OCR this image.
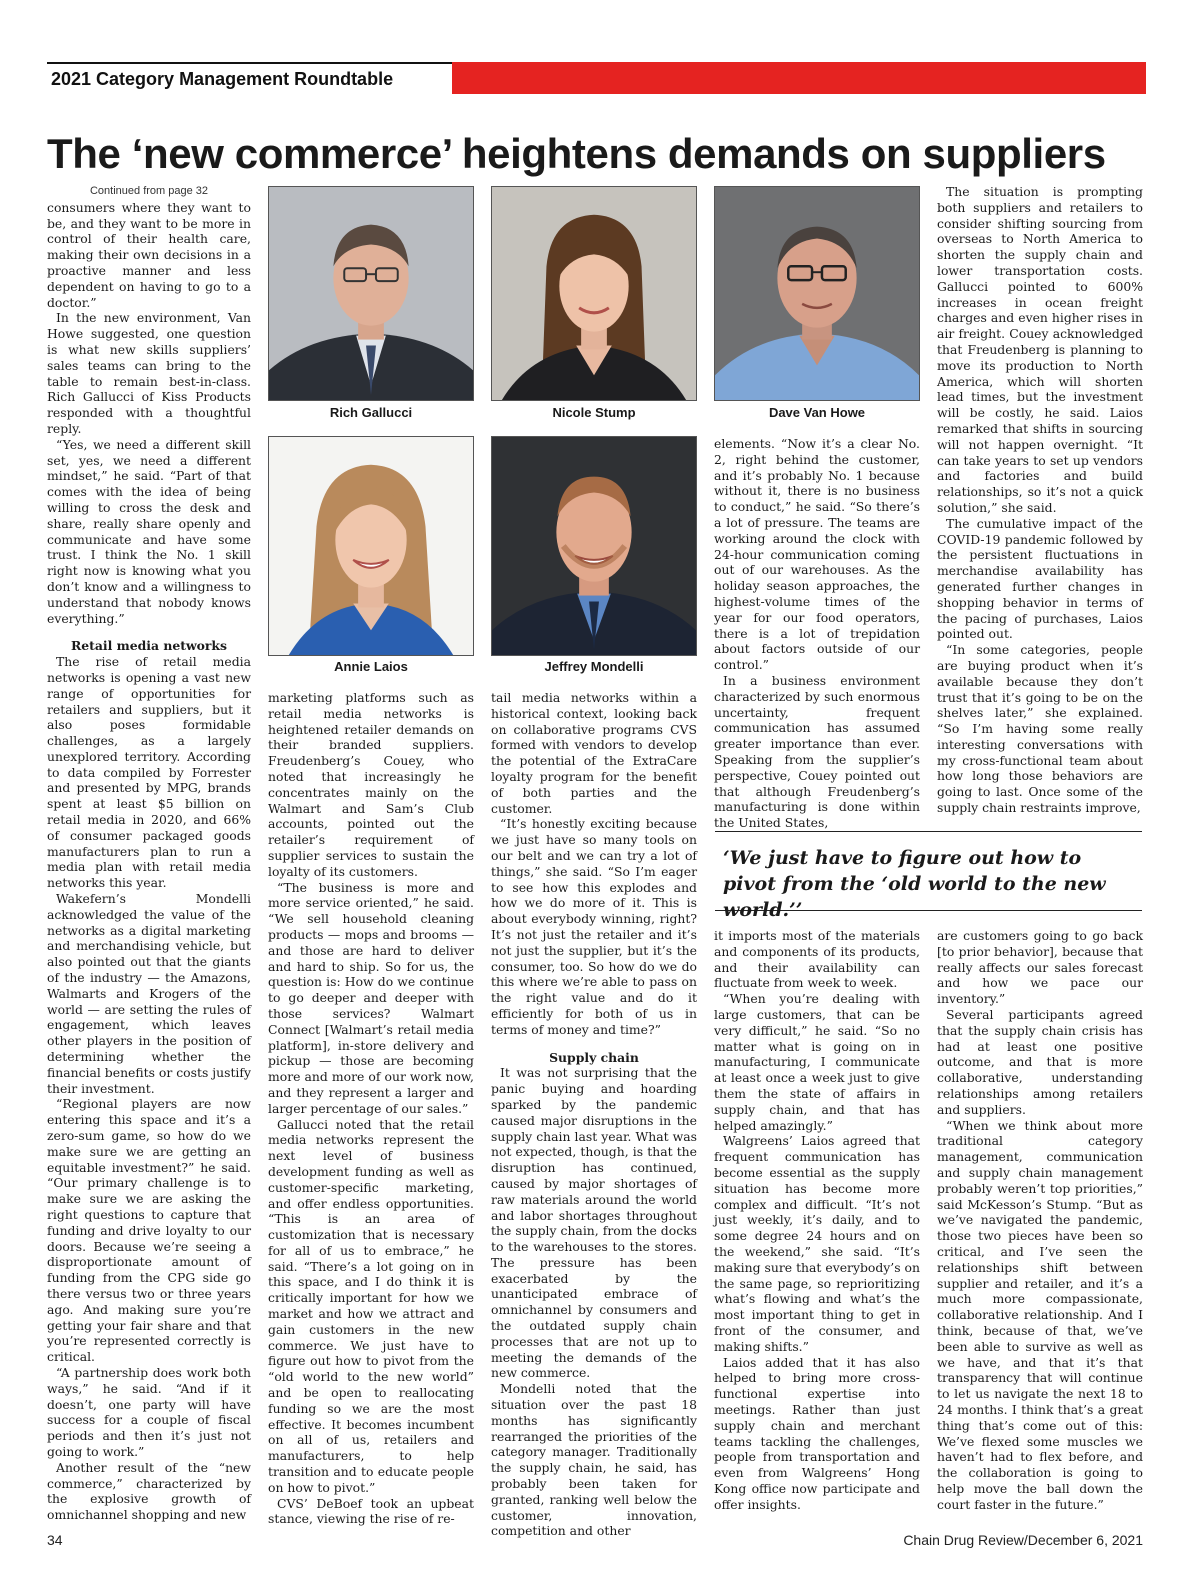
2021 Category Management Roundtable
The ‘new commerce’ heightens demands on suppliers

Continued from page 32

consumers where they want to be, and they want to be more in control of their health care, making their own decisions in a proactive manner and less dependent on having to go to a doctor.”

In the new environment, Van Howe suggested, one question is what new skills suppliers’ sales teams can bring to the table to remain best-in-class. Rich Gallucci of Kiss Products responded with a thoughtful reply.

“Yes, we need a different skill set, yes, we need a different mindset,” he said. “Part of that comes with the idea of being willing to cross the desk and share, really share openly and communicate and have some trust. I think the No. 1 skill right now is knowing what you don’t know and a willingness to understand that nobody knows everything.”

Retail media networks

The rise of retail media networks is opening a vast new range of opportunities for retailers and suppliers, but it also poses formidable challenges, as a largely unexplored territory. According to data compiled by Forrester and presented by MPG, brands spent at least $5 billion on retail media in 2020, and 66% of consumer packaged goods manufacturers plan to run a media plan with retail media networks this year.

Wakefern’s Mondelli acknowledged the value of the networks as a digital marketing and merchandising vehicle, but also pointed out that the giants of the industry — the Amazons, Walmarts and Krogers of the world — are setting the rules of engagement, which leaves other players in the position of determining whether the financial benefits or costs justify their investment.

“Regional players are now entering this space and it’s a zero-sum game, so how do we make sure we are getting an equitable investment?” he said. “Our primary challenge is to make sure we are asking the right questions to capture that funding and drive loyalty to our doors. Because we’re seeing a disproportionate amount of funding from the CPG side go there versus two or three years ago. And making sure you’re getting your fair share and that you’re represented correctly is critical.

“A partnership does work both ways,” he said. “And if it doesn’t, one party will have success for a couple of fiscal periods and then it’s just not going to work.”

Another result of the “new commerce,” characterized by the explosive growth of omnichannel shopping and new

Rich Gallucci	Nicole Stump	Dave Van Howe
Annie Laios	Jeffrey Mondelli

marketing platforms such as retail media networks is heightened retailer demands on their branded suppliers. Freudenberg’s Couey, who noted that increasingly he concentrates mainly on the Walmart and Sam’s Club accounts, pointed out the retailer’s requirement of supplier services to sustain the loyalty of its customers.

“The business is more and more service oriented,” he said. “We sell household cleaning products — mops and brooms — and those are hard to deliver and hard to ship. So for us, the question is: How do we continue to go deeper and deeper with those services? Walmart Connect [Walmart’s retail media platform], in-store delivery and pickup — those are becoming more and more of our work now, and they represent a larger and larger percentage of our sales.”

Gallucci noted that the retail media networks represent the next level of business development funding as well as customer-specific marketing, and offer endless opportunities. “This is an area of customization that is necessary for all of us to embrace,” he said. “There’s a lot going on in this space, and I do think it is critically important for how we market and how we attract and gain customers in the new commerce. We just have to figure out how to pivot from the “old world to the new world” and be open to reallocating funding so we are the most effective. It becomes incumbent on all of us, retailers and manufacturers, to help transition and to educate people on how to pivot.”

CVS’ DeBoef took an upbeat stance, viewing the rise of re-

tail media networks within a historical context, looking back on collaborative programs CVS formed with vendors to develop the potential of the ExtraCare loyalty program for the benefit of both parties and the customer.

“It’s honestly exciting because we just have so many tools on our belt and we can try a lot of things,” she said. “So I’m eager to see how this explodes and how we do more of it. This is about everybody winning, right? It’s not just the retailer and it’s not just the supplier, but it’s the consumer, too. So how do we do this where we’re able to pass on the right value and do it efficiently for both of us in terms of money and time?”

Supply chain

It was not surprising that the panic buying and hoarding sparked by the pandemic caused major disruptions in the supply chain last year. What was not expected, though, is that the disruption has continued, caused by major shortages of raw materials around the world and labor shortages throughout the supply chain, from the docks to the warehouses to the stores. The pressure has been exacerbated by the unanticipated embrace of omnichannel by consumers and the outdated supply chain processes that are not up to meeting the demands of the new commerce.

Mondelli noted that the situation over the past 18 months has significantly rearranged the priorities of the category manager. Traditionally the supply chain, he said, has probably been taken for granted, ranking well below the customer, innovation, competition and other

elements. “Now it’s a clear No. 2, right behind the customer, and it’s probably No. 1 because without it, there is no business to conduct,” he said. “So there’s a lot of pressure. The teams are working around the clock with 24-hour communication coming out of our warehouses. As the holiday season approaches, the highest-volume times of the year for our food operators, there is a lot of trepidation about factors outside of our control.”

In a business environment characterized by such enormous uncertainty, frequent communication has assumed greater importance than ever. Speaking from the supplier’s perspective, Couey pointed out that although Freudenberg’s manufacturing is done within the United States,

The situation is prompting both suppliers and retailers to consider shifting sourcing from overseas to North America to shorten the supply chain and lower transportation costs. Gallucci pointed to 600% increases in ocean freight charges and even higher rises in air freight. Couey acknowledged that Freudenberg is planning to move its production to North America, which will shorten lead times, but the investment will be costly, he said. Laios remarked that shifts in sourcing will not happen overnight. “It can take years to set up vendors and factories and build relationships, so it’s not a quick solution,” she said.

The cumulative impact of the COVID-19 pandemic followed by the persistent fluctuations in merchandise availability has generated further changes in shopping behavior in terms of the pacing of purchases, Laios pointed out.

“In some categories, people are buying product when it’s available because they don’t trust that it’s going to be on the shelves later,” she explained. “So I’m having some really interesting conversations with my cross-functional team about how long those behaviors are going to last. Once some of the supply chain restraints improve,

‘We just have to figure out how to pivot from the ‘old world to the new world.’’

it imports most of the materials and components of its products, and their availability can fluctuate from week to week.

“When you’re dealing with large customers, that can be very difficult,” he said. “So no matter what is going on in manufacturing, I communicate at least once a week just to give them the state of affairs in supply chain, and that has helped amazingly.”

Walgreens’ Laios agreed that frequent communication has become essential as the supply situation has become more complex and difficult. “It’s not just weekly, it’s daily, and to some degree 24 hours and on the weekend,” she said. “It’s making sure that everybody’s on the same page, so reprioritizing what’s flowing and what’s the most important thing to get in front of the consumer, and making shifts.”

Laios added that it has also helped to bring more cross-functional expertise into meetings. Rather than just supply chain and merchant teams tackling the challenges, people from transportation and even from Walgreens’ Hong Kong office now participate and offer insights.

are customers going to go back [to prior behavior], because that really affects our sales forecast and how we pace our inventory.”

Several participants agreed that the supply chain crisis has had at least one positive outcome, and that is more collaborative, understanding relationships among retailers and suppliers.

“When we think about more traditional category management, communication and supply chain management probably weren’t top priorities,” said McKesson’s Stump. “But as we’ve navigated the pandemic, those two pieces have been so critical, and I’ve seen the relationships shift between supplier and retailer, and it’s a much more compassionate, collaborative relationship. And I think, because of that, we’ve been able to survive as well as we have, and that it’s that transparency that will continue to let us navigate the next 18 to 24 months. I think that’s a great thing that’s come out of this: We’ve flexed some muscles we haven’t had to flex before, and the collaboration is going to help move the ball down the court faster in the future.”

34	Chain Drug Review/December 6, 2021
